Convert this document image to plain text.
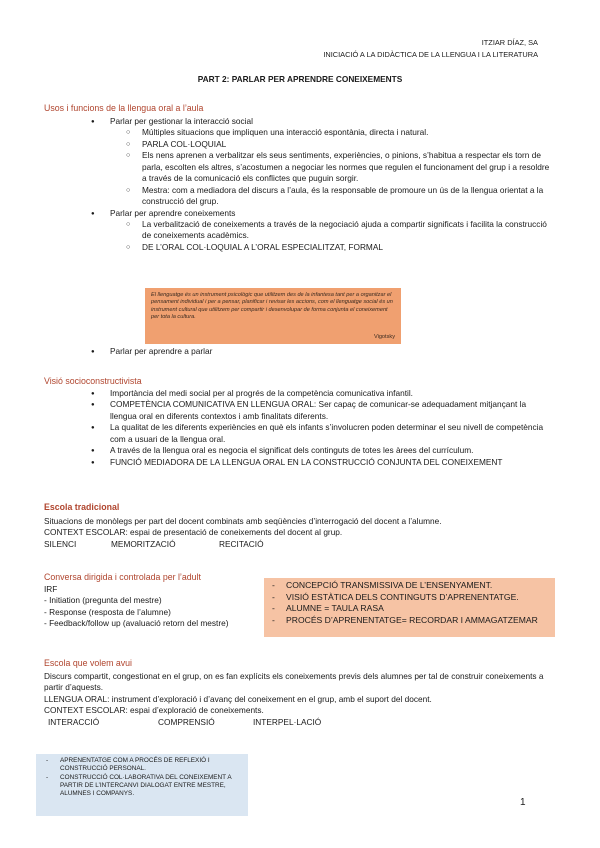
ITZIAR DÍAZ, SA
INICIACIÓ A LA DIDÀCTICA DE LA LLENGUA I LA LITERATURA
PART 2: PARLAR PER APRENDRE CONEIXEMENTS
Usos i funcions de la llengua oral a l’aula
● Parlar per gestionar la interacció social
○ Múltiples situacions que impliquen una interacció espontània, directa i natural.
○ PARLA COL·LOQUIAL
○ Els nens aprenen a verbalitzar els seus sentiments, experiències, o pinions, s’habitua a respectar els torn de parla, escolten els altres, s’acostumen a negociar les normes que regulen el funcionament del grup i a resoldre a través de la comunicació els conflictes que puguin sorgir.
○ Mestra: com a mediadora del discurs a l’aula, és la responsable de promoure un ús de la llengua orientat a la construcció del grup.
● Parlar per aprendre coneixements
○ La verbalització de coneixements a través de la negociació ajuda a compartir significats i facilita la construcció de coneixements acadèmics.
○ DE L’ORAL COL·LOQUIAL A L’ORAL ESPECIALITZAT, FORMAL
El llenguatge és un instrument psicològic que utilitzem des de la infantesa tant per a organitzar el pensament individual i per a pensar, planificar i revisar les accions, com el llenguatge social és un instrument cultural que utilitzem per compartir i desenvolupar de forma conjunta el coneixement per tota la cultura.
Vigotsky
● Parlar per aprendre a parlar
Visió socioconstructivista
● Importància del medi social per al progrés de la competència comunicativa infantil.
● COMPETÈNCIA COMUNICATIVA EN LLENGUA ORAL: Ser capaç de comunicar-se adequadament mitjançant la llengua oral en diferents contextos i amb finalitats diferents.
● La qualitat de les diferents experiències en què els infants s’involucren poden determinar el seu nivell de competència com a usuari de la llengua oral.
● A través de la llengua oral es negocia el significat dels continguts de totes les àrees del currículum.
● FUNCIÓ MEDIADORA DE LA LLENGUA ORAL EN LA CONSTRUCCIÓ CONJUNTA DEL CONEIXEMENT
Escola tradicional
Situacions de monòlegs per part del docent combinats amb seqüències d’interrogació del docent a l’alumne.
CONTEXT ESCOLAR: espai de presentació de coneixements del docent al grup.
SILENCI	MEMORITZACIÓ	RECITACIÓ
Conversa dirigida i controlada per l’adult
IRF
- Initiation (pregunta del mestre)
- Response (resposta de l’alumne)
- Feedback/follow up (avaluació retorn del mestre)
- CONCEPCIÓ TRANSMISSIVA DE L’ENSENYAMENT.
- VISIÓ ESTÀTICA DELS CONTINGUTS D’APRENENTATGE.
- ALUMNE = TAULA RASA
- PROCÉS D’APRENENTATGE= RECORDAR I AMMAGATZEMAR
Escola que volem avui
Discurs compartit, congestionat en el grup, on es fan explícits els coneixements previs dels alumnes per tal de construir coneixements a partir d’aquests.
LLENGUA ORAL: instrument d’exploració i d’avanç del coneixement en el grup, amb el suport del docent.
CONTEXT ESCOLAR: espai d’exploració de coneixements.
INTERACCIÓ	COMPRENSIÓ	INTERPEL·LACIÓ
- APRENENTATGE COM A PROCÉS DE REFLEXIÓ I CONSTRUCCIÓ PERSONAL.
- CONSTRUCCIÓ COL·LABORATIVA DEL CONEIXEMENT A PARTIR DE L’INTERCANVI DIALOGAT ENTRE MESTRE, ALUMNES I COMPANYS.
1
